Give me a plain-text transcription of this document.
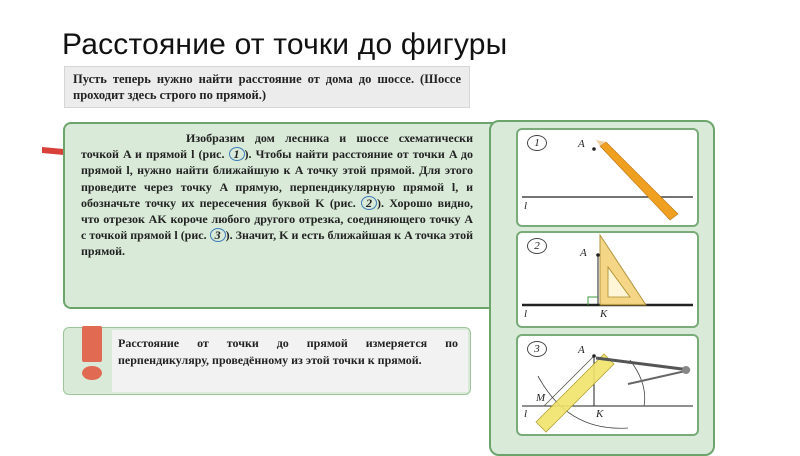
Расстояние от точки до фигуры

Пусть теперь нужно найти расстояние от дома до шоссе. (Шоссе проходит здесь строго по прямой.)

Изобразим дом лесника и шоссе схематически точкой A и прямой l (рис. 1 ). Чтобы найти расстояние от точки A до прямой l, нужно найти ближайшую к A точку этой прямой. Для этого проведите через точку A прямую, перпендикулярную прямой l, и обозначьте точку их пересечения буквой K (рис. 2 ). Хорошо видно, что отрезок AK короче любого другого отрезка, соединяющего точку A с точкой прямой l (рис. 3 ). Значит, K и есть ближайшая к A точка этой прямой.

1	A
l
2
A
l	K
3	A
l	K
M

Расстояние от точки до прямой измеряется по перпендикуляру, проведённому из этой точки к прямой.
